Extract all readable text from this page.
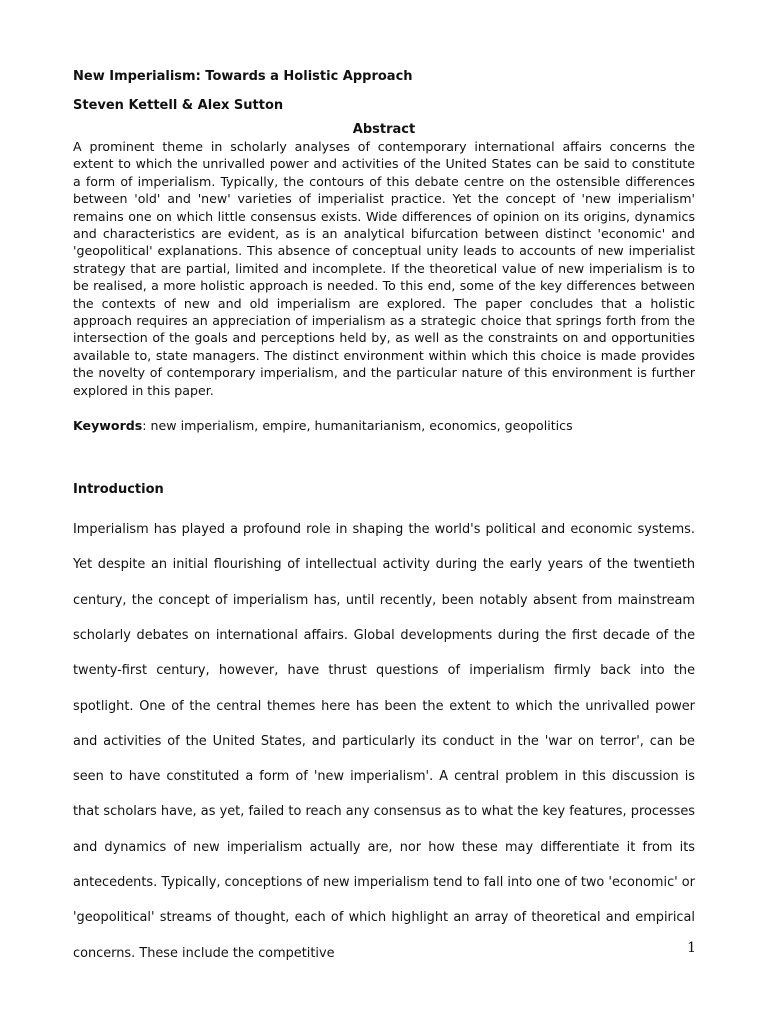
New Imperialism: Towards a Holistic Approach

Steven Kettell & Alex Sutton

Abstract

A prominent theme in scholarly analyses of contemporary international affairs concerns the extent to which the unrivalled power and activities of the United States can be said to constitute a form of imperialism. Typically, the contours of this debate centre on the ostensible differences between 'old' and 'new' varieties of imperialist practice. Yet the concept of 'new imperialism' remains one on which little consensus exists. Wide differences of opinion on its origins, dynamics and characteristics are evident, as is an analytical bifurcation between distinct 'economic' and 'geopolitical' explanations. This absence of conceptual unity leads to accounts of new imperialist strategy that are partial, limited and incomplete. If the theoretical value of new imperialism is to be realised, a more holistic approach is needed. To this end, some of the key differences between the contexts of new and old imperialism are explored. The paper concludes that a holistic approach requires an appreciation of imperialism as a strategic choice that springs forth from the intersection of the goals and perceptions held by, as well as the constraints on and opportunities available to, state managers. The distinct environment within which this choice is made provides the novelty of contemporary imperialism, and the particular nature of this environment is further explored in this paper.

Keywords: new imperialism, empire, humanitarianism, economics, geopolitics

Introduction

Imperialism has played a profound role in shaping the world's political and economic systems. Yet despite an initial flourishing of intellectual activity during the early years of the twentieth century, the concept of imperialism has, until recently, been notably absent from mainstream scholarly debates on international affairs. Global developments during the first decade of the twenty-first century, however, have thrust questions of imperialism firmly back into the spotlight. One of the central themes here has been the extent to which the unrivalled power and activities of the United States, and particularly its conduct in the 'war on terror', can be seen to have constituted a form of 'new imperialism'. A central problem in this discussion is that scholars have, as yet, failed to reach any consensus as to what the key features, processes and dynamics of new imperialism actually are, nor how these may differentiate it from its antecedents. Typically, conceptions of new imperialism tend to fall into one of two 'economic' or 'geopolitical' streams of thought, each of which highlight an array of theoretical and empirical concerns. These include the competitive	1
